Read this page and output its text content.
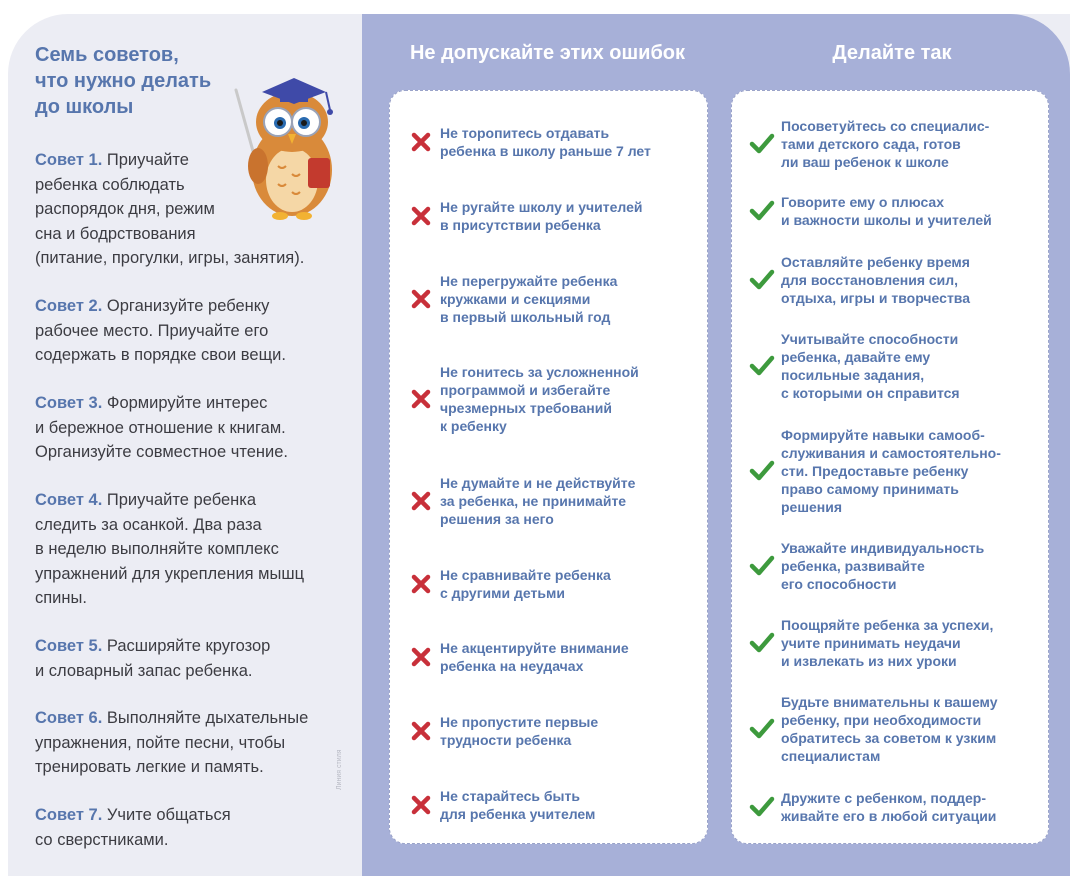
Семь советов,
что нужно делать
до школы
Совет 1. Приучайте
ребенка соблюдать
распорядок дня, режим
сна и бодрствования
(питание, прогулки, игры, занятия).
Совет 2. Организуйте ребенку
рабочее место. Приучайте его
содержать в порядке свои вещи.
Совет 3. Формируйте интерес
и бережное отношение к книгам.
Организуйте совместное чтение.
Совет 4. Приучайте ребенка
следить за осанкой. Два раза
в неделю выполняйте комплекс
упражнений для укрепления мышц
спины.
Совет 5. Расширяйте кругозор
и словарный запас ребенка.
Совет 6. Выполняйте дыхательные
упражнения, пойте песни, чтобы
тренировать легкие и память.
Совет 7. Учите общаться
со сверстниками.
Линия стиля
Не допускайте этих ошибок	Делайте так
Не торопитесь отдавать
ребенка в школу раньше 7 лет
Не ругайте школу и учителей
в присутствии ребенка
Не перегружайте ребенка
кружками и секциями
в первый школьный год
Не гонитесь за усложненной
программой и избегайте
чрезмерных требований
к ребенку
Не думайте и не действуйте
за ребенка, не принимайте
решения за него
Не сравнивайте ребенка
с другими детьми
Не акцентируйте внимание
ребенка на неудачах
Не пропустите первые
трудности ребенка
Не старайтесь быть
для ребенка учителем
Посоветуйтесь со специалис-
тами детского сада, готов
ли ваш ребенок к школе
Говорите ему о плюсах
и важности школы и учителей
Оставляйте ребенку время
для восстановления сил,
отдыха, игры и творчества
Учитывайте способности
ребенка, давайте ему
посильные задания,
с которыми он справится
Формируйте навыки самооб-
служивания и самостоятельно-
сти. Предоставьте ребенку
право самому принимать
решения
Уважайте индивидуальность
ребенка, развивайте
его способности
Поощряйте ребенка за успехи,
учите принимать неудачи
и извлекать из них уроки
Будьте внимательны к вашему
ребенку, при необходимости
обратитесь за советом к узким
специалистам
Дружите с ребенком, поддер-
живайте его в любой ситуации
